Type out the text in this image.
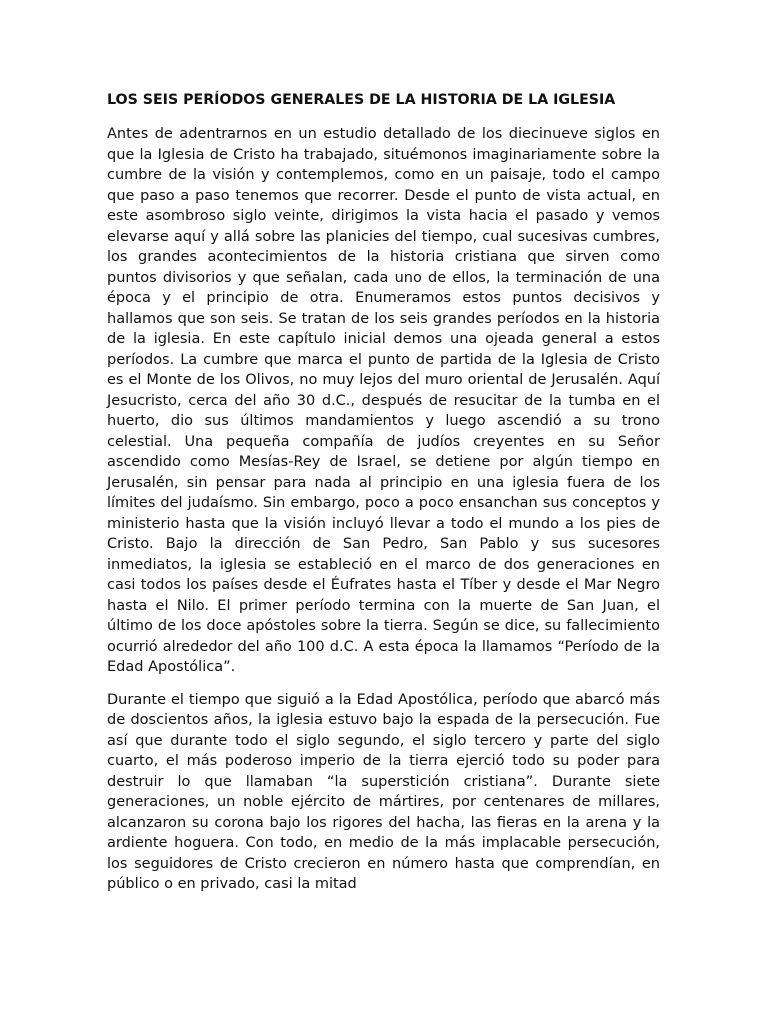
LOS SEIS PERÍODOS GENERALES DE LA HISTORIA DE LA IGLESIA

Antes de adentrarnos en un estudio detallado de los diecinueve siglos en que la Iglesia de Cristo ha trabajado, situémonos imaginariamente sobre la cumbre de la visión y contemplemos, como en un paisaje, todo el campo que paso a paso tenemos que recorrer. Desde el punto de vista actual, en este asombroso siglo veinte, dirigimos la vista hacia el pasado y vemos elevarse aquí y allá sobre las planicies del tiempo, cual sucesivas cumbres, los grandes acontecimientos de la historia cristiana que sirven como puntos divisorios y que señalan, cada uno de ellos, la terminación de una época y el principio de otra. Enumeramos estos puntos decisivos y hallamos que son seis. Se tratan de los seis grandes períodos en la historia de la iglesia. En este capítulo inicial demos una ojeada general a estos períodos. La cumbre que marca el punto de partida de la Iglesia de Cristo es el Monte de los Olivos, no muy lejos del muro oriental de Jerusalén. Aquí Jesucristo, cerca del año 30 d.C., después de resucitar de la tumba en el huerto, dio sus últimos mandamientos y luego ascendió a su trono celestial. Una pequeña compañía de judíos creyentes en su Señor ascendido como Mesías-Rey de Israel, se detiene por algún tiempo en Jerusalén, sin pensar para nada al principio en una iglesia fuera de los límites del judaísmo. Sin embargo, poco a poco ensanchan sus conceptos y ministerio hasta que la visión incluyó llevar a todo el mundo a los pies de Cristo. Bajo la dirección de San Pedro, San Pablo y sus sucesores inmediatos, la iglesia se estableció en el marco de dos generaciones en casi todos los países desde el Éufrates hasta el Tíber y desde el Mar Negro hasta el Nilo. El primer período termina con la muerte de San Juan, el último de los doce apóstoles sobre la tierra. Según se dice, su fallecimiento ocurrió alrededor del año 100 d.C. A esta época la llamamos “Período de la Edad Apostólica”.

Durante el tiempo que siguió a la Edad Apostólica, período que abarcó más de doscientos años, la iglesia estuvo bajo la espada de la persecución. Fue así que durante todo el siglo segundo, el siglo tercero y parte del siglo cuarto, el más poderoso imperio de la tierra ejerció todo su poder para destruir lo que llamaban “la superstición cristiana”. Durante siete generaciones, un noble ejército de mártires, por centenares de millares, alcanzaron su corona bajo los rigores del hacha, las fieras en la arena y la ardiente hoguera. Con todo, en medio de la más implacable persecución, los seguidores de Cristo crecieron en número hasta que comprendían, en público o en privado, casi la mitad
